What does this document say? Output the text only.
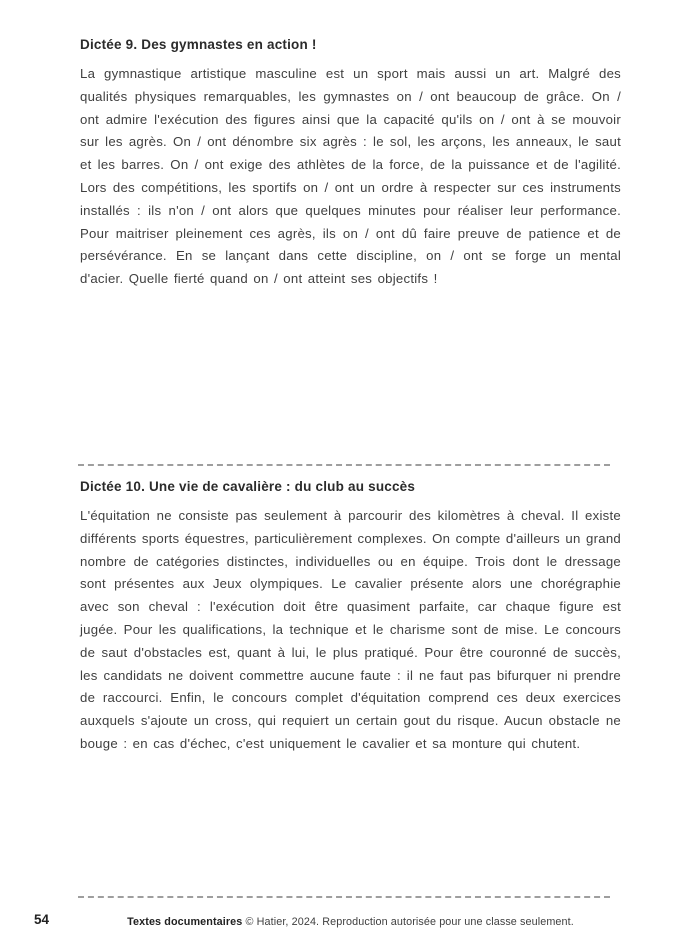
Dictée 9. Des gymnastes en action !

La gymnastique artistique masculine est un sport mais aussi un art. Malgré des qualités physiques remarquables, les gymnastes on / ont beaucoup de grâce. On / ont admire l'exécution des figures ainsi que la capacité qu'ils on / ont à se mouvoir sur les agrès. On / ont dénombre six agrès : le sol, les arçons, les anneaux, le saut et les barres. On / ont exige des athlètes de la force, de la puissance et de l'agilité. Lors des compétitions, les sportifs on / ont un ordre à respecter sur ces instruments installés : ils n'on / ont alors que quelques minutes pour réaliser leur performance. Pour maitriser pleinement ces agrès, ils on / ont dû faire preuve de patience et de persévérance. En se lançant dans cette discipline, on / ont se forge un mental d'acier. Quelle fierté quand on / ont atteint ses objectifs !

Dictée 10. Une vie de cavalière : du club au succès

L'équitation ne consiste pas seulement à parcourir des kilomètres à cheval. Il existe différents sports équestres, particulièrement complexes. On compte d'ailleurs un grand nombre de catégories distinctes, individuelles ou en équipe. Trois dont le dressage sont présentes aux Jeux olympiques. Le cavalier présente alors une chorégraphie avec son cheval : l'exécution doit être quasiment parfaite, car chaque figure est jugée. Pour les qualifications, la technique et le charisme sont de mise. Le concours de saut d'obstacles est, quant à lui, le plus pratiqué. Pour être couronné de succès, les candidats ne doivent commettre aucune faute : il ne faut pas bifurquer ni prendre de raccourci. Enfin, le concours complet d'équitation comprend ces deux exercices auxquels s'ajoute un cross, qui requiert un certain gout du risque. Aucun obstacle ne bouge : en cas d'échec, c'est uniquement le cavalier et sa monture qui chutent.

54	Textes documentaires © Hatier, 2024. Reproduction autorisée pour une classe seulement.
